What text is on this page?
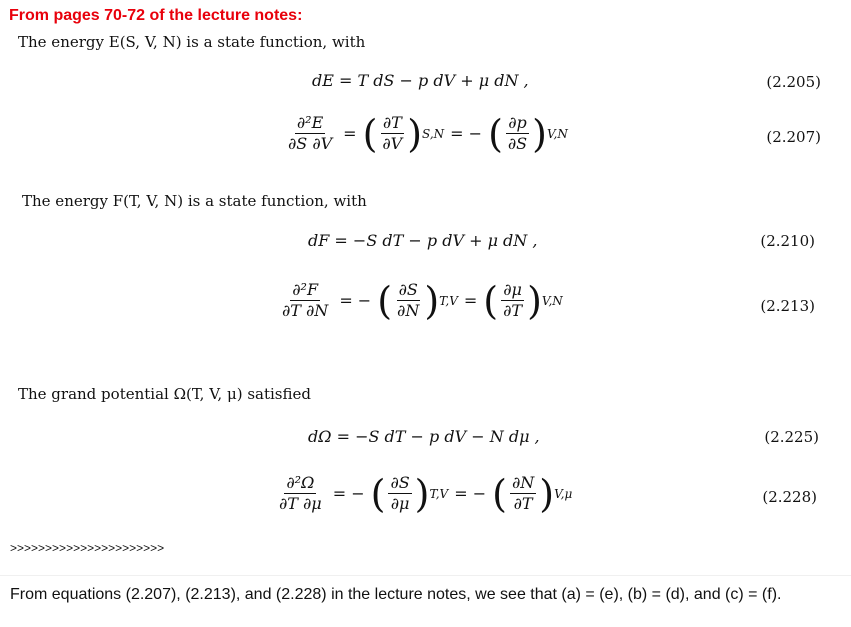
From pages 70-72 of the lecture notes:
The energy E(S, V, N) is a state function, with
dE = T dS − p dV + μ dN ,	(2.205)
$\frac{\text{∂²E}}{\partial S \partial V}$ = ( $\frac{\partial T}{\partial V}$ ) S,N = − ( $\frac{\partial p}{\partial S}$ ) V,N	(2.207)
The energy F(T, V, N) is a state function, with
dF = −S dT − p dV + μ dN ,	(2.210)
$\frac{\text{∂²F}}{\partial T \partial N}$ = − ( $\frac{\partial S}{\partial N}$ ) T,V = ( $\frac{\partial\mu}{\partial T}$ ) V,N	(2.213)
The grand potential Ω(T, V, μ) satisfied
dΩ = −S dT − p dV − N dμ ,	(2.225)
$\frac{\text{∂²Ω}}{\partial T \partial\mu}$ = − ( $\frac{\partial S}{\partial\mu}$ ) T,V = − ( $\frac{\partial N}{\partial T}$ ) V,μ	(2.228)
>>>>>>>>>>>>>>>>>>>>>>
From equations (2.207), (2.213), and (2.228) in the lecture notes, we see that (a) = (e), (b) = (d), and (c) = (f).
